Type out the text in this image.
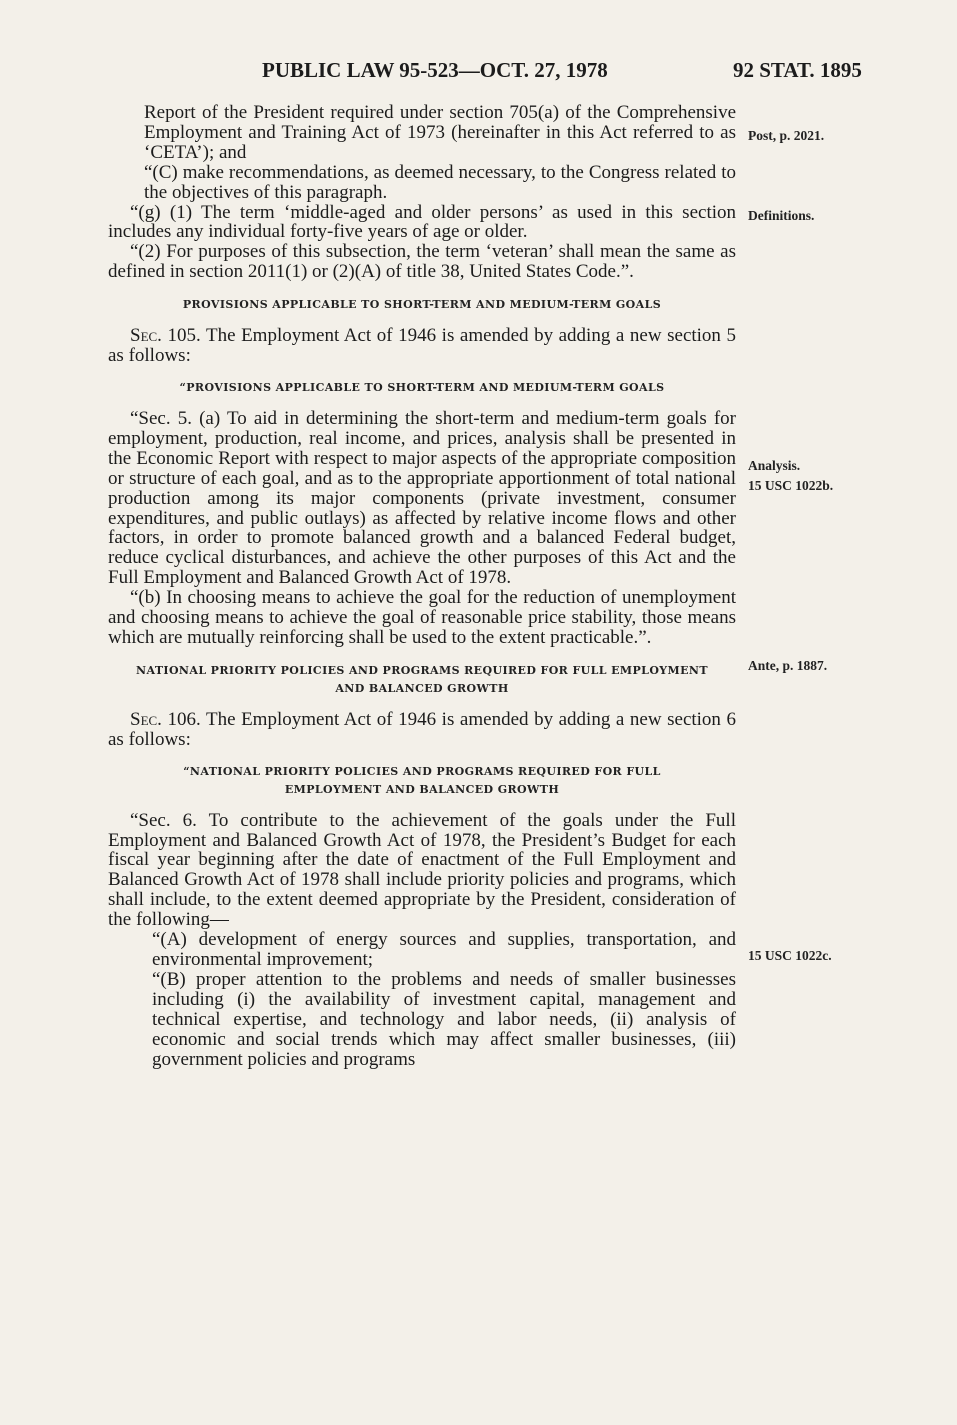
PUBLIC LAW 95-523—OCT. 27, 1978	92 STAT. 1895

Report of the President required under section 705(a) of the Comprehensive Employment and Training Act of 1973 (hereinafter in this Act referred to as ‘CETA’); and

“(C) make recommendations, as deemed necessary, to the Congress related to the objectives of this paragraph.

“(g) (1) The term ‘middle-aged and older persons’ as used in this section includes any individual forty-five years of age or older.

“(2) For purposes of this subsection, the term ‘veteran’ shall mean the same as defined in section 2011(1) or (2)(A) of title 38, United States Code.”.

PROVISIONS APPLICABLE TO SHORT-TERM AND MEDIUM-TERM GOALS

Sec. 105. The Employment Act of 1946 is amended by adding a new section 5 as follows:

“PROVISIONS APPLICABLE TO SHORT-TERM AND MEDIUM-TERM GOALS

“Sec. 5. (a) To aid in determining the short-term and medium-term goals for employment, production, real income, and prices, analysis shall be presented in the Economic Report with respect to major aspects of the appropriate composition or structure of each goal, and as to the appropriate apportionment of total national production among its major components (private investment, consumer expenditures, and public outlays) as affected by relative income flows and other factors, in order to promote balanced growth and a balanced Federal budget, reduce cyclical disturbances, and achieve the other purposes of this Act and the Full Employment and Balanced Growth Act of 1978.

“(b) In choosing means to achieve the goal for the reduction of unemployment and choosing means to achieve the goal of reasonable price stability, those means which are mutually reinforcing shall be used to the extent practicable.”.

NATIONAL PRIORITY POLICIES AND PROGRAMS REQUIRED FOR FULL EMPLOYMENT AND BALANCED GROWTH

Sec. 106. The Employment Act of 1946 is amended by adding a new section 6 as follows:

“NATIONAL PRIORITY POLICIES AND PROGRAMS REQUIRED FOR FULL EMPLOYMENT AND BALANCED GROWTH

“Sec. 6. To contribute to the achievement of the goals under the Full Employment and Balanced Growth Act of 1978, the President’s Budget for each fiscal year beginning after the date of enactment of the Full Employment and Balanced Growth Act of 1978 shall include priority policies and programs, which shall include, to the extent deemed appropriate by the President, consideration of the following—

“(A) development of energy sources and supplies, transportation, and environmental improvement;

“(B) proper attention to the problems and needs of smaller businesses including (i) the availability of investment capital, management and technical expertise, and technology and labor needs, (ii) analysis of economic and social trends which may affect smaller businesses, (iii) government policies and programs

Post, p. 2021.
Definitions.
Analysis.
15 USC 1022b.
Ante, p. 1887.
15 USC 1022c.
